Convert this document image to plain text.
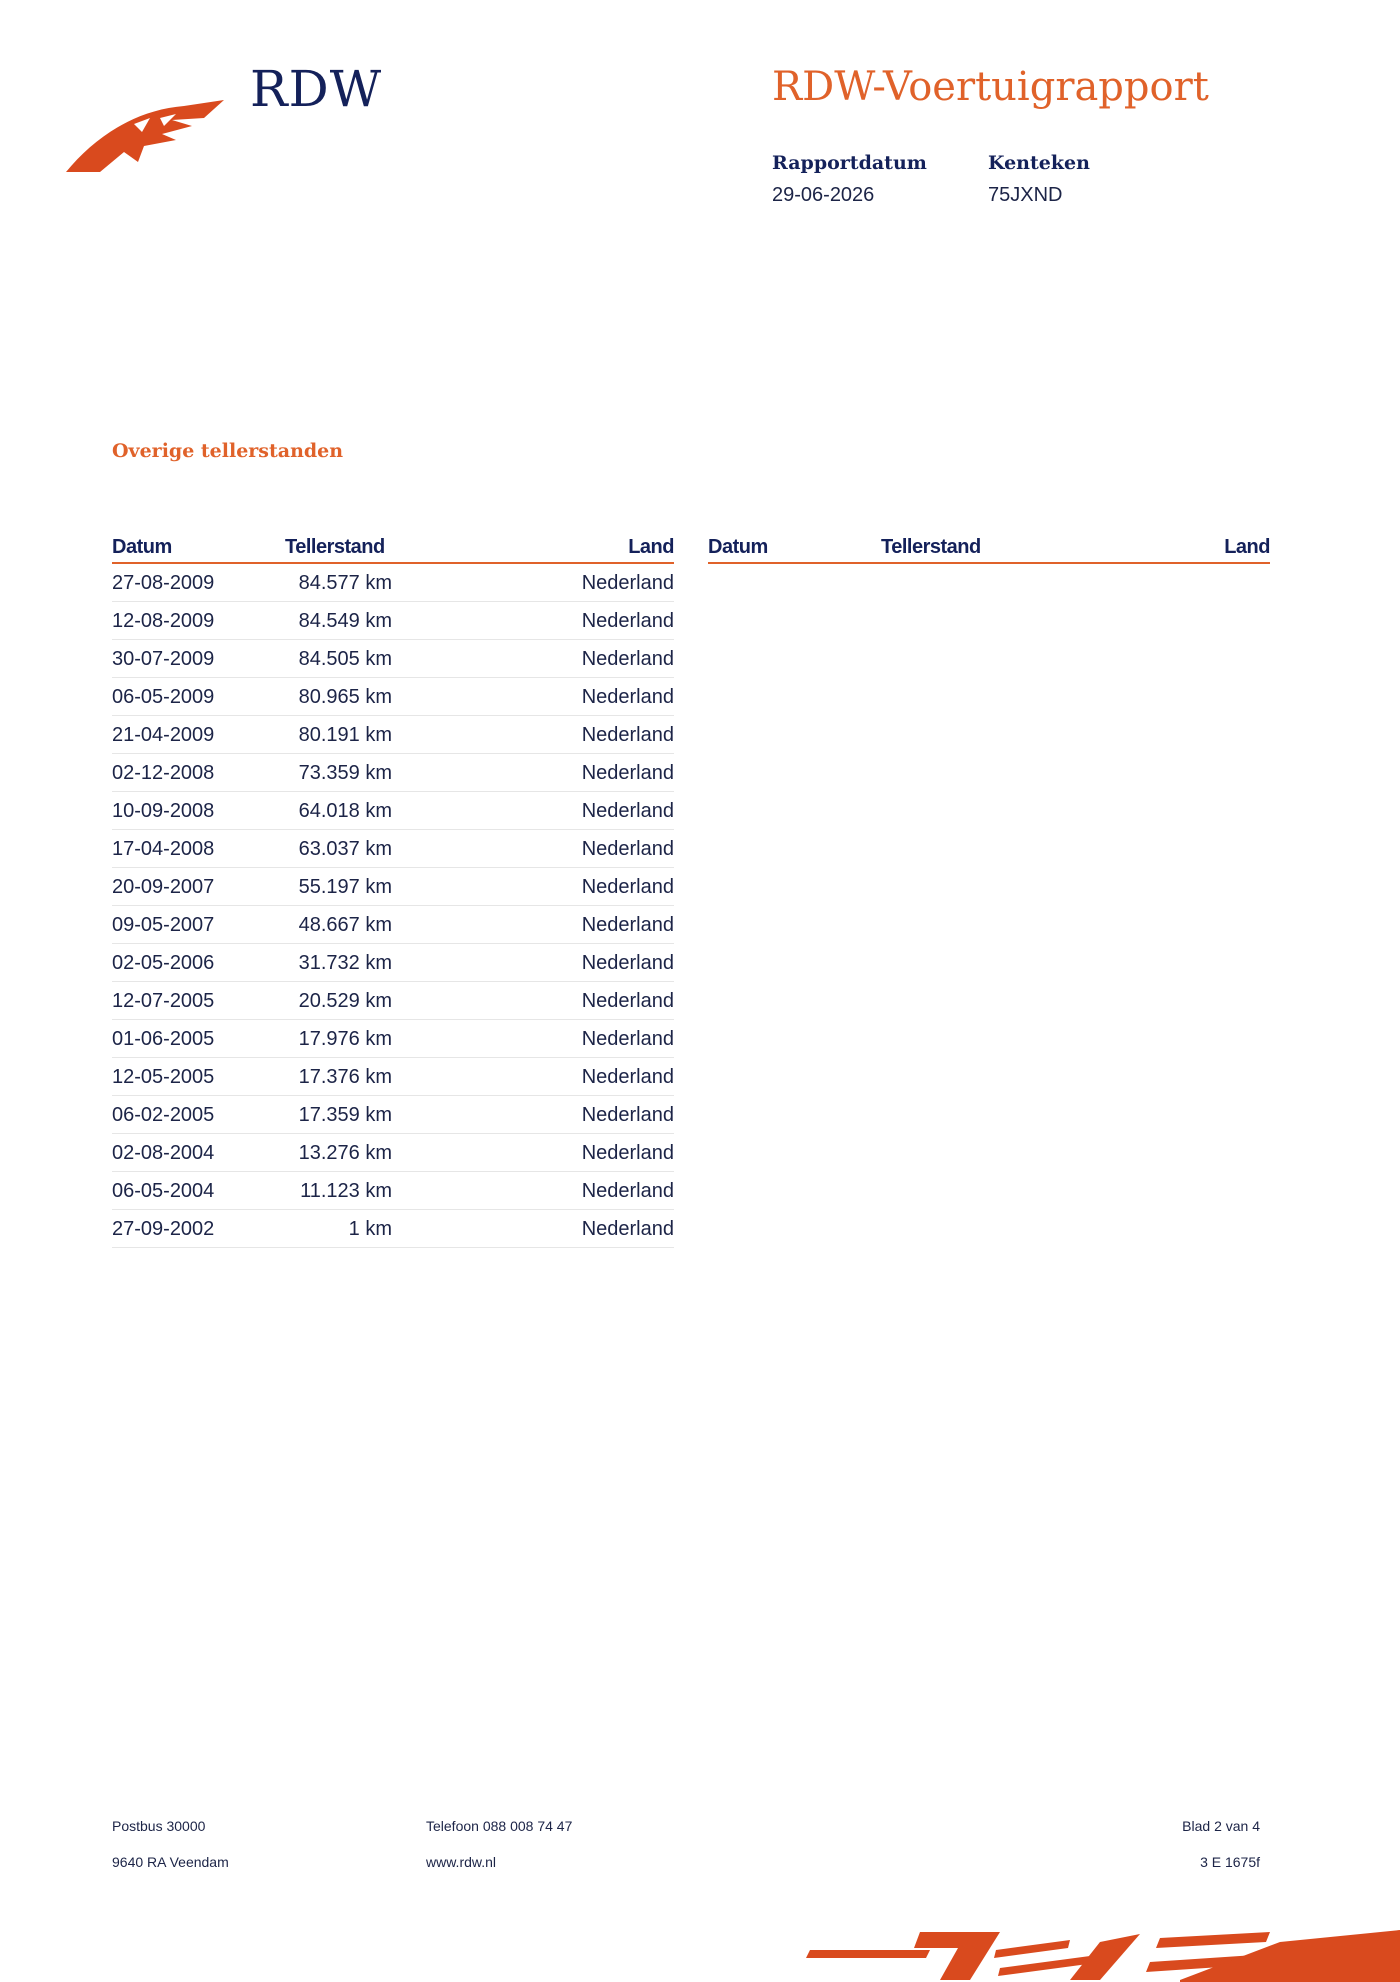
RDW	RDW-Voertuigrapport
Rapportdatum
29-06-2026
Kenteken
75JXND
Overige tellerstanden
Datum	Tellerstand	Land
27-08-2009	84.577 km	Nederland
12-08-2009	84.549 km	Nederland
30-07-2009	84.505 km	Nederland
06-05-2009	80.965 km	Nederland
21-04-2009	80.191 km	Nederland
02-12-2008	73.359 km	Nederland
10-09-2008	64.018 km	Nederland
17-04-2008	63.037 km	Nederland
20-09-2007	55.197 km	Nederland
09-05-2007	48.667 km	Nederland
02-05-2006	31.732 km	Nederland
12-07-2005	20.529 km	Nederland
01-06-2005	17.976 km	Nederland
12-05-2005	17.376 km	Nederland
06-02-2005	17.359 km	Nederland
02-08-2004	13.276 km	Nederland
06-05-2004	11.123 km	Nederland
27-09-2002	1 km	Nederland
Datum	Tellerstand	Land
Postbus 30000
9640 RA Veendam
Telefoon 088 008 74 47
www.rdw.nl
Blad 2 van 4
3 E 1675f
